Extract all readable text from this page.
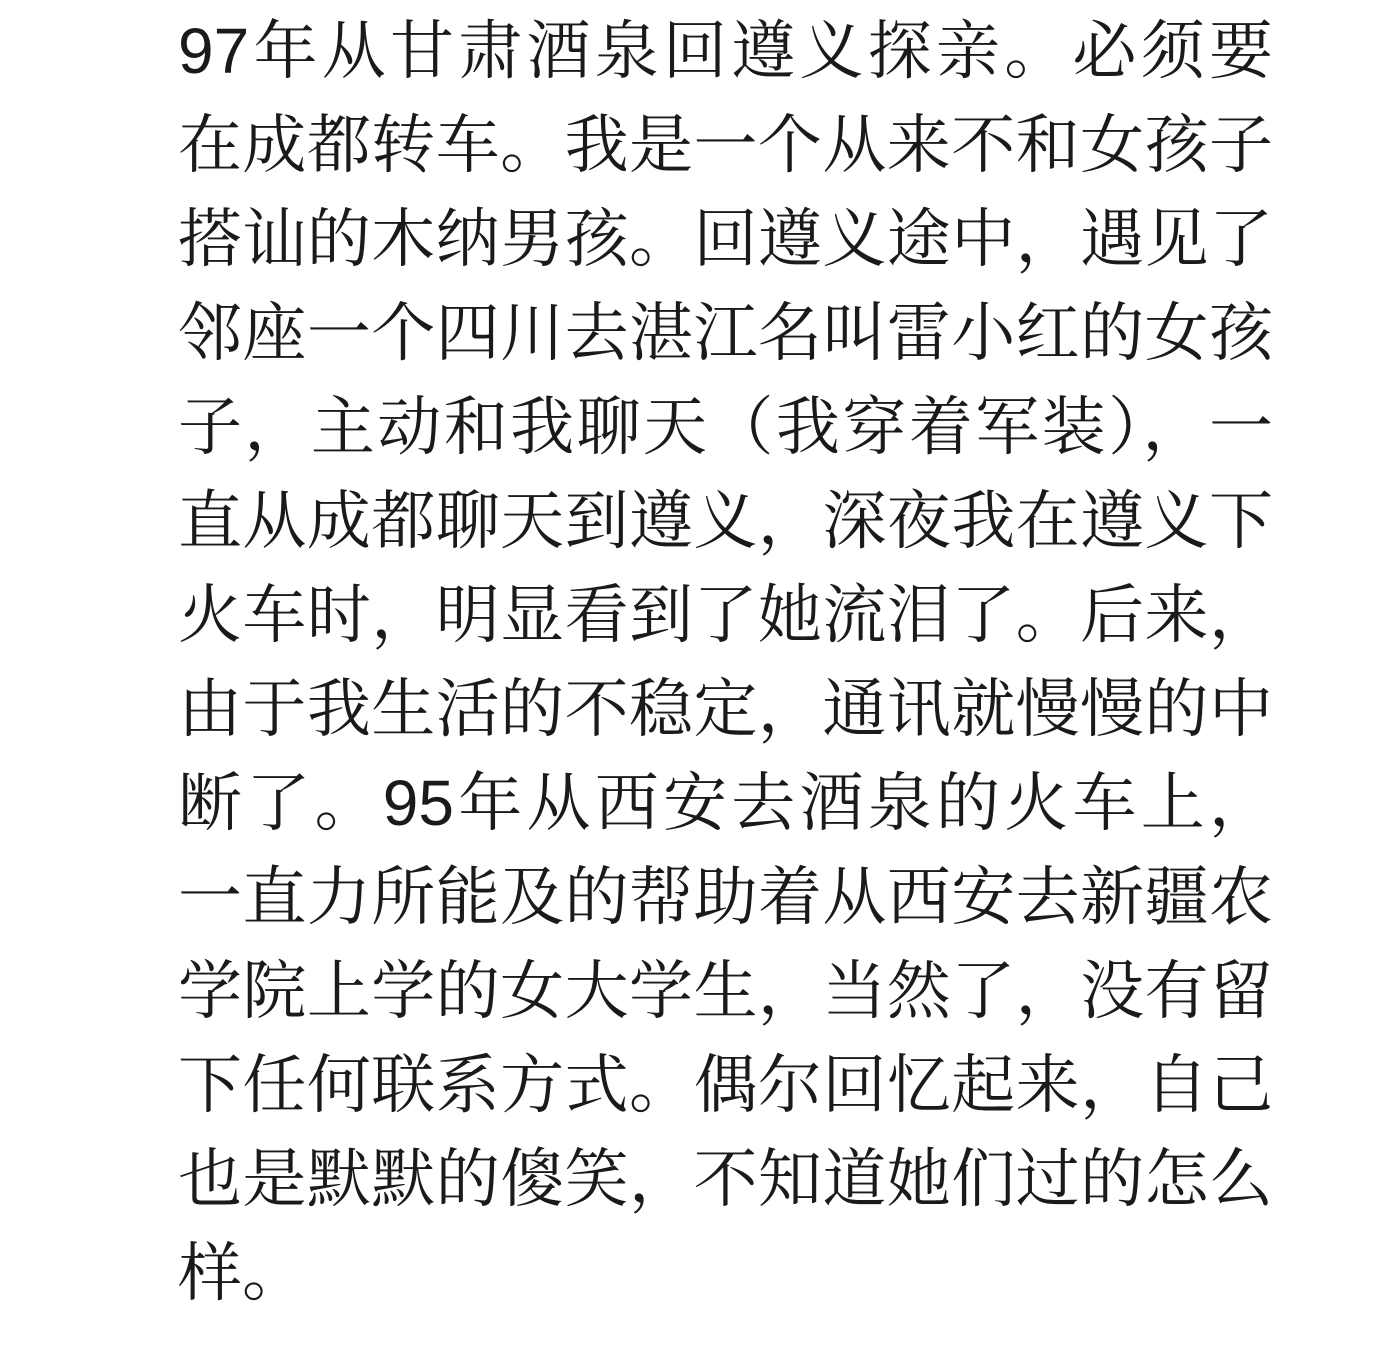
97年从甘肃酒泉回遵义探亲。必须要在成都转车。我是一个从来不和女孩子搭讪的木纳男孩。回遵义途中，遇见了邻座一个四川去湛江名叫雷小红的女孩子，主动和我聊天（我穿着军装），一直从成都聊天到遵义，深夜我在遵义下火车时，明显看到了她流泪了。后来，由于我生活的不稳定，通讯就慢慢的中断了。95年从西安去酒泉的火车上，一直力所能及的帮助着从西安去新疆农学院上学的女大学生，当然了，没有留下任何联系方式。偶尔回忆起来，自己也是默默的傻笑，不知道她们过的怎么样。
